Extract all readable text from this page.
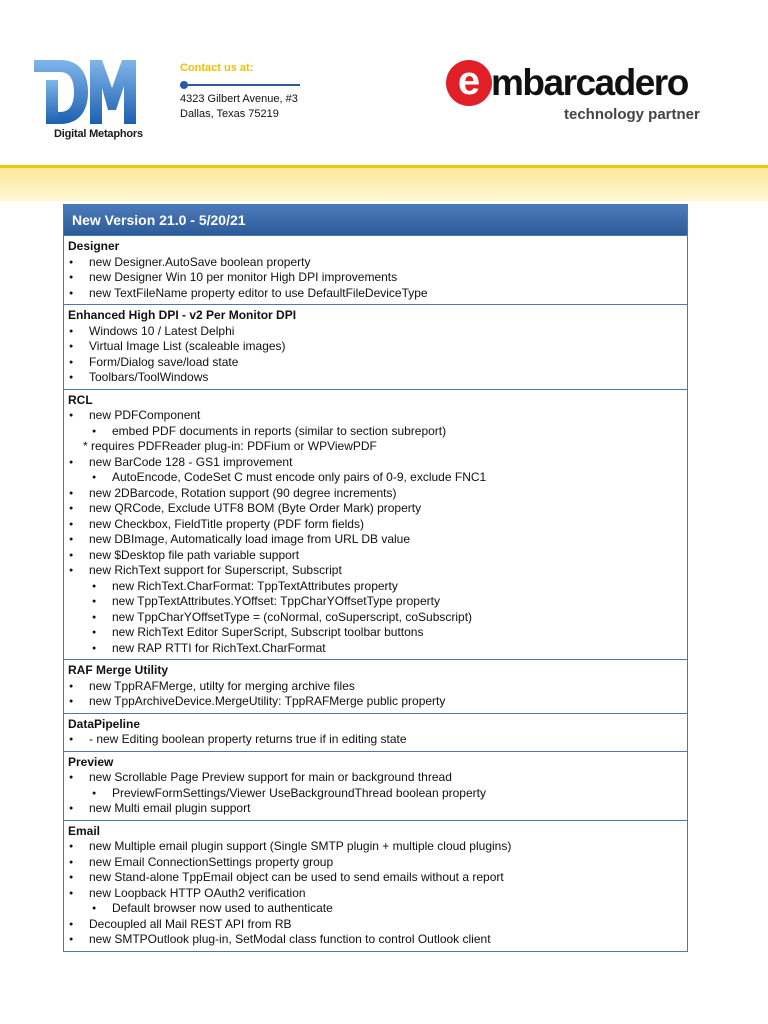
Digital Metaphors
Contact us at:
4323 Gilbert Avenue, #3
Dallas, Texas 75219
e mbarcadero
technology partner
New Version 21.0 - 5/20/21
Designer
● new Designer.AutoSave boolean property
● new Designer Win 10 per monitor High DPI improvements
● new TextFileName property editor to use DefaultFileDeviceType
Enhanced High DPI - v2 Per Monitor DPI
● Windows 10 / Latest Delphi
● Virtual Image List (scaleable images)
● Form/Dialog save/load state
● Toolbars/ToolWindows
RCL
● new PDFComponent
● embed PDF documents in reports (similar to section subreport)
* requires PDFReader plug-in: PDFium or WPViewPDF
● new BarCode 128 - GS1 improvement
● AutoEncode, CodeSet C must encode only pairs of 0-9, exclude FNC1
● new 2DBarcode, Rotation support (90 degree increments)
● new QRCode, Exclude UTF8 BOM (Byte Order Mark) property
● new Checkbox, FieldTitle property (PDF form fields)
● new DBImage, Automatically load image from URL DB value
● new $Desktop file path variable support
● new RichText support for Superscript, Subscript
● new RichText.CharFormat: TppTextAttributes property
● new TppTextAttributes.YOffset: TppCharYOffsetType property
● new TppCharYOffsetType = (coNormal, coSuperscript, coSubscript)
● new RichText Editor SuperScript, Subscript toolbar buttons
● new RAP RTTI for RichText.CharFormat
RAF Merge Utility
● new TppRAFMerge, utilty for merging archive files
● new TppArchiveDevice.MergeUtility: TppRAFMerge public property
DataPipeline
● - new Editing boolean property returns true if in editing state
Preview
● new Scrollable Page Preview support for main or background thread
● PreviewFormSettings/Viewer UseBackgroundThread boolean property
● new Multi email plugin support
Email
● new Multiple email plugin support (Single SMTP plugin + multiple cloud plugins)
● new Email ConnectionSettings property group
● new Stand-alone TppEmail object can be used to send emails without a report
● new Loopback HTTP OAuth2 verification
● Default browser now used to authenticate
● Decoupled all Mail REST API from RB
● new SMTPOutlook plug-in, SetModal class function to control Outlook client
